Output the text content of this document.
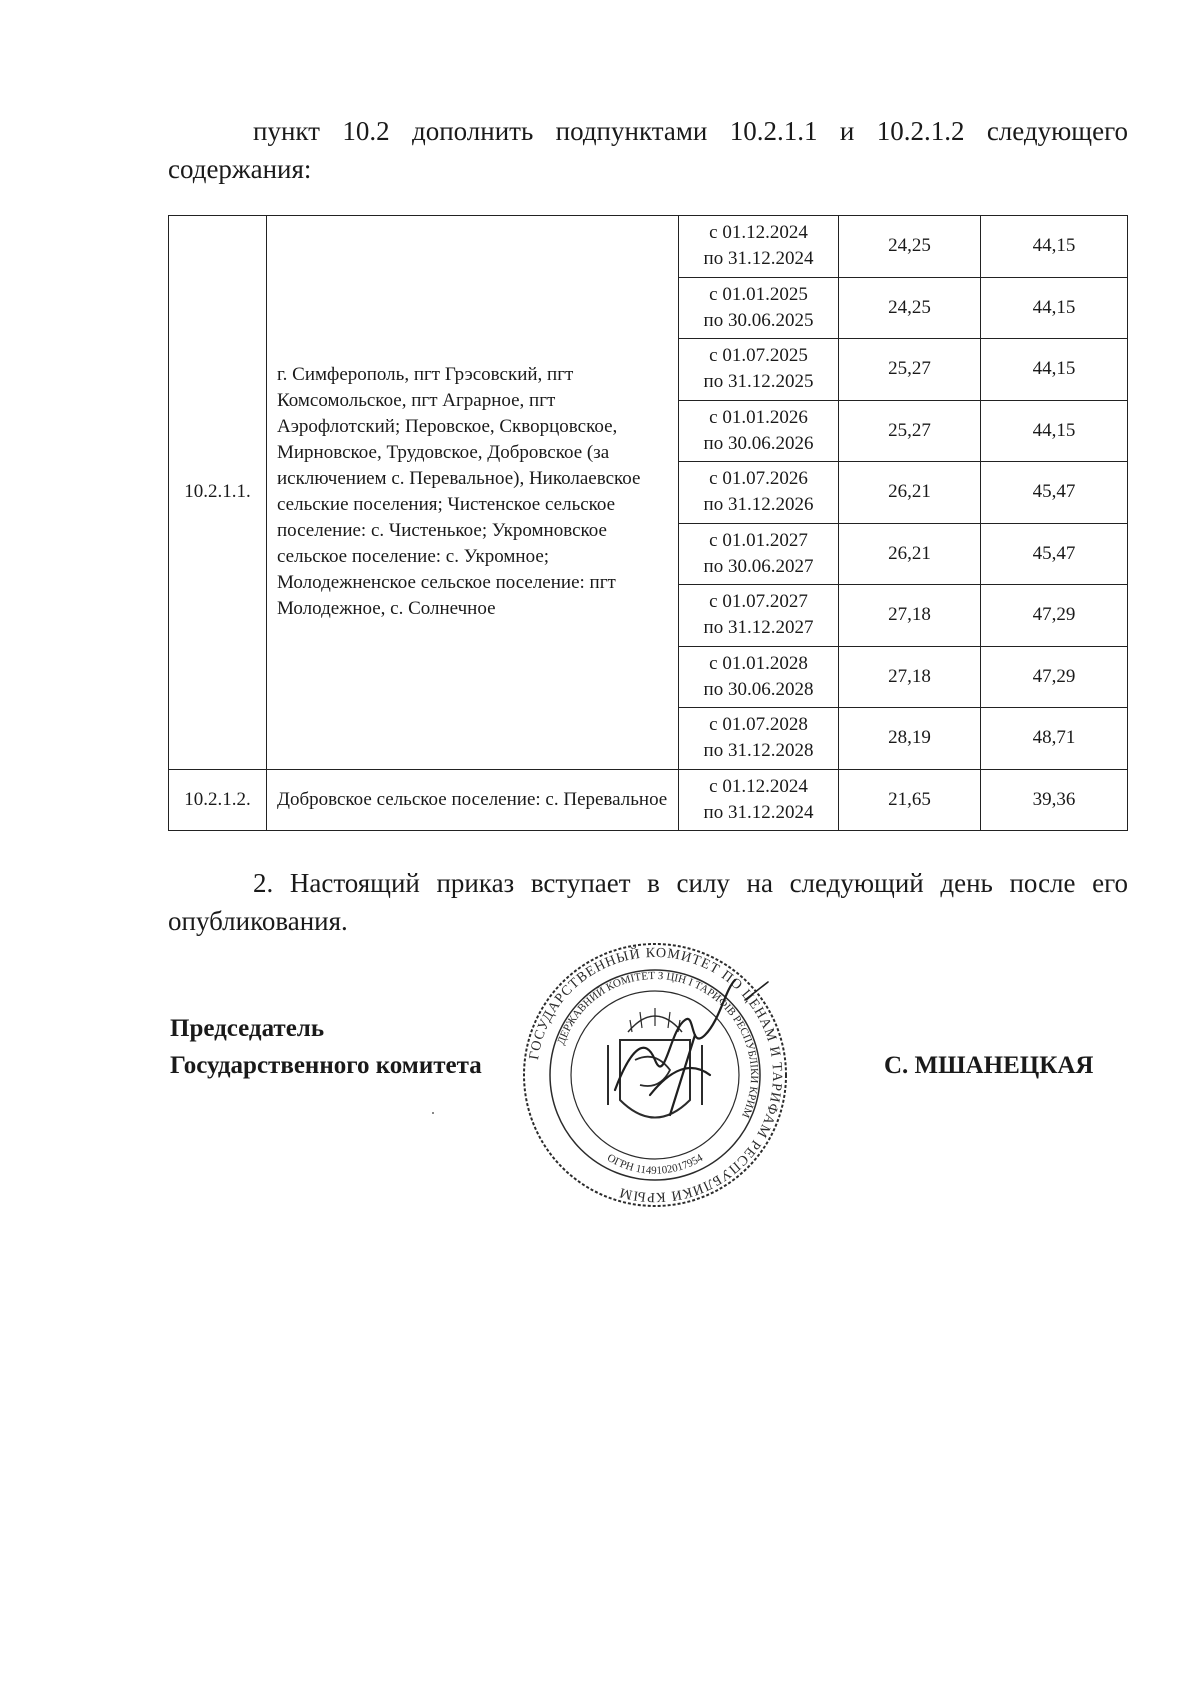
пункт 10.2 дополнить подпунктами 10.2.1.1 и 10.2.1.2 следующего
содержания:
10.2.1.1.	г. Симферополь, пгт Грэсовский, пгт Комсомольское, пгт Аграрное, пгт Аэрофлотский; Перовское, Скворцовское, Мирновское, Трудовское, Добровское (за исключением с. Перевальное), Николаевское сельские поселения; Чистенское сельское поселение: с. Чистенькое; Укромновское сельское поселение: с. Укромное; Молодежненское сельское поселение: пгт Молодежное, с. Солнечное	с 01.12.2024
по 31.12.2024	24,25	44,15

		с 01.01.2025
по 30.06.2025	24,25	44,15

		с 01.07.2025
по 31.12.2025	25,27	44,15

		с 01.01.2026
по 30.06.2026	25,27	44,15

		с 01.07.2026
по 31.12.2026	26,21	45,47

		с 01.01.2027
по 30.06.2027	26,21	45,47

		с 01.07.2027
по 31.12.2027	27,18	47,29

		с 01.01.2028
по 30.06.2028	27,18	47,29

		с 01.07.2028
по 31.12.2028	28,19	48,71
10.2.1.2.	Добровское сельское поселение: с. Перевальное	с 01.12.2024
по 31.12.2024	21,65	39,36
2. Настоящий приказ вступает в силу на следующий день после его
опубликования.
Председатель
Государственного комитета	С. МШАНЕЦКАЯ
ГОСУДАРСТВЕННЫЙ КОМИТЕТ ПО ЦЕНАМ И ТАРИФАМ РЕСПУБЛИКИ КРЫМ
ДЕРЖАВНИЙ КОМІТЕТ З ЦІН І ТАРИФІВ РЕСПУБЛІКИ КРИМ
ОГРН 1149102017954
